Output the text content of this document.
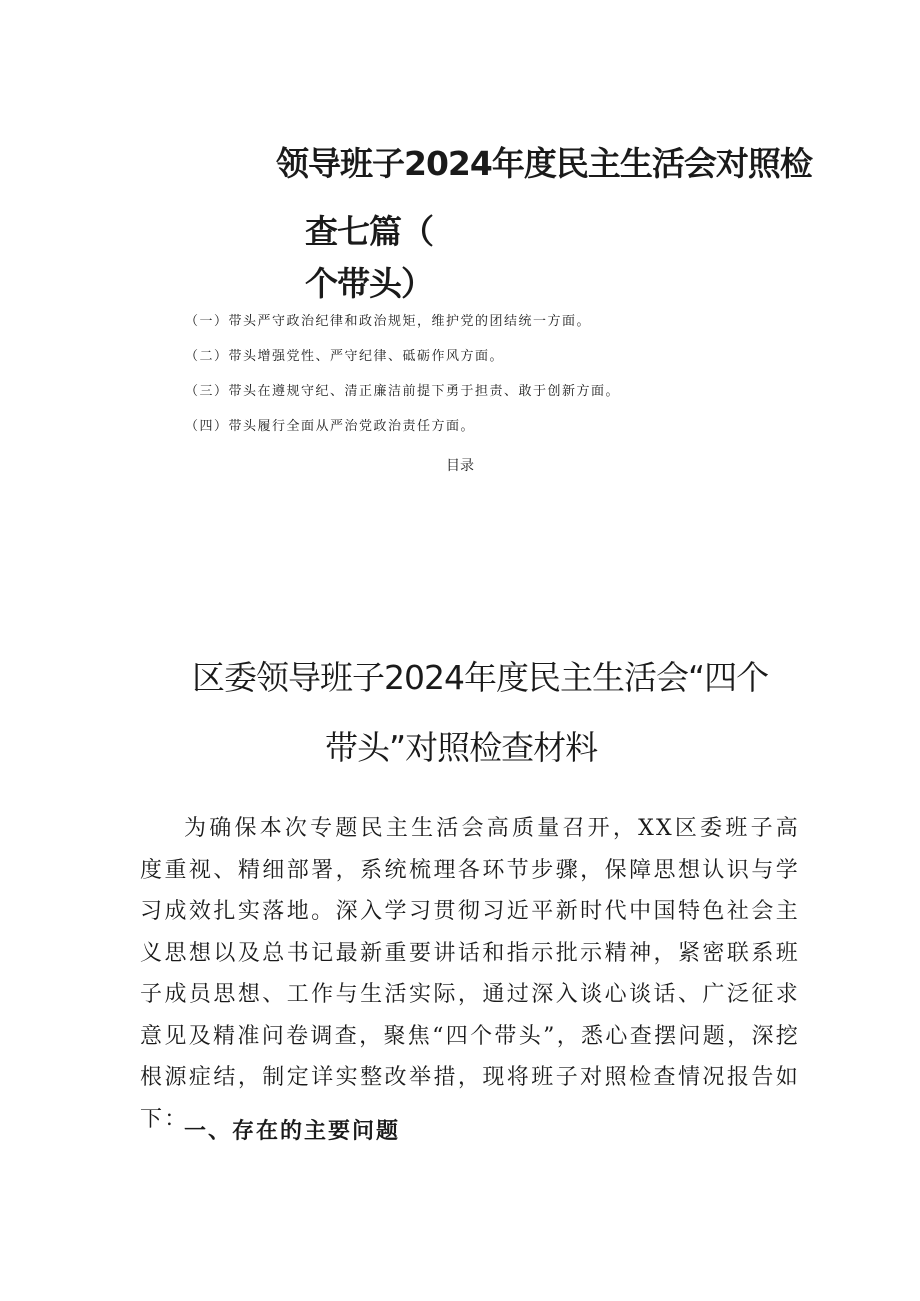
领导班子2024年度民主生活会对照检
查七篇（
个带头）
（一）带头严守政治纪律和政治规矩，维护党的团结统一方面。
（二）带头增强党性、严守纪律、砥砺作风方面。
（三）带头在遵规守纪、清正廉洁前提下勇于担责、敢于创新方面。
（四）带头履行全面从严治党政治责任方面。
目录
区委领导班子2024年度民主生活会“四个
带头”对照检查材料

为确保本次专题民主生活会高质量召开，XX区委班子高度重视、精细部署，系统梳理各环节步骤，保障思想认识与学习成效扎实落地。深入学习贯彻习近平新时代中国特色社会主义思想以及总书记最新重要讲话和指示批示精神，紧密联系班子成员思想、工作与生活实际，通过深入谈心谈话、广泛征求意见及精准问卷调查，聚焦“四个带头”，悉心查摆问题，深挖根源症结，制定详实整改举措，现将班子对照检查情况报告如下：

一、存在的主要问题
